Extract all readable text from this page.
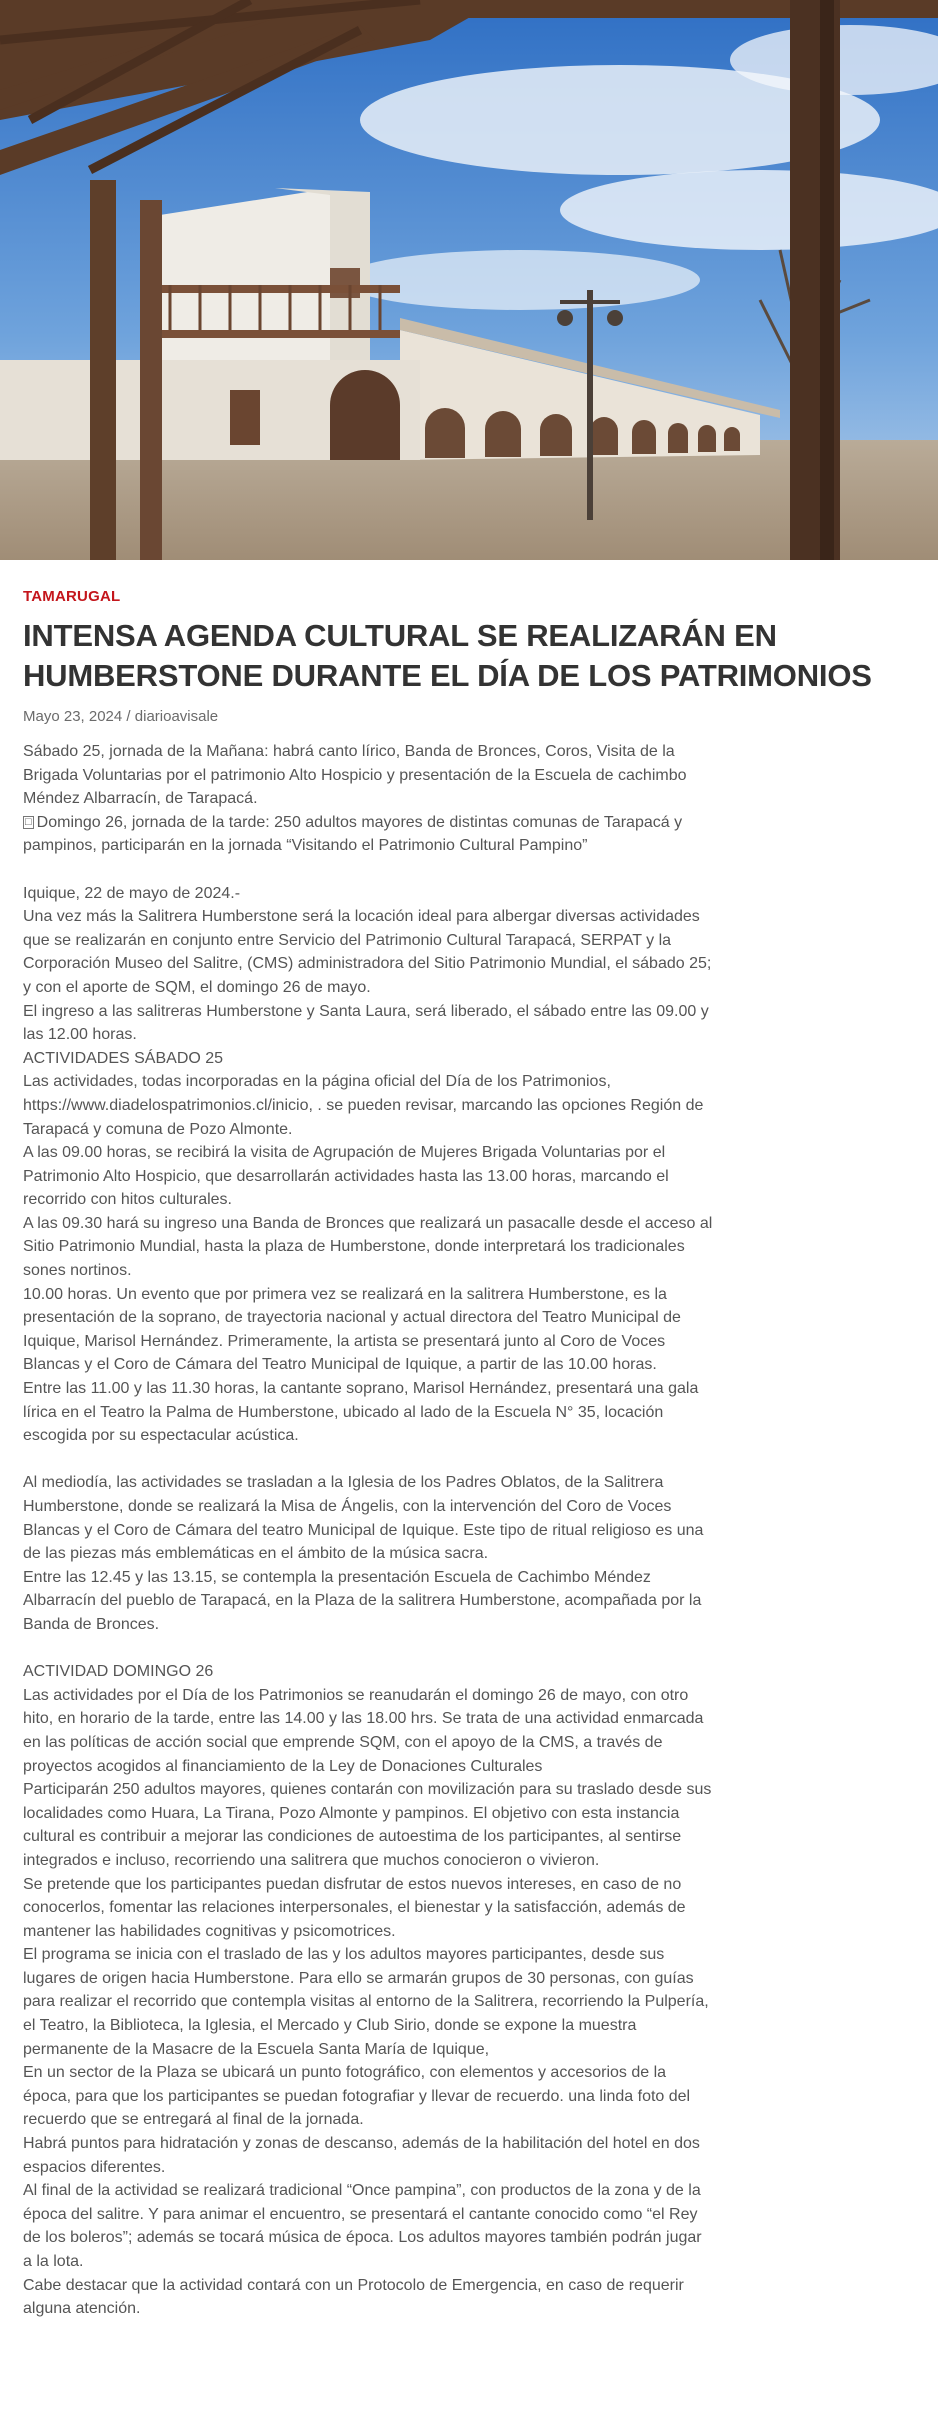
TAMARUGAL
INTENSA AGENDA CULTURAL SE REALIZARÁN EN HUMBERSTONE DURANTE EL DÍA DE LOS PATRIMONIOS
Mayo 23, 2024 / diarioavisale

Sábado 25, jornada de la Mañana: habrá canto lírico, Banda de Bronces, Coros, Visita de la Brigada Voluntarias por el patrimonio Alto Hospicio y presentación de la Escuela de cachimbo Méndez Albarracín, de Tarapacá.

□ Domingo 26, jornada de la tarde: 250 adultos mayores de distintas comunas de Tarapacá y pampinos, participarán en la jornada “Visitando el Patrimonio Cultural Pampino”

Iquique, 22 de mayo de 2024.-

Una vez más la Salitrera Humberstone será la locación ideal para albergar diversas actividades que se realizarán en conjunto entre Servicio del Patrimonio Cultural Tarapacá, SERPAT y la Corporación Museo del Salitre, (CMS) administradora del Sitio Patrimonio Mundial, el sábado 25; y con el aporte de SQM, el domingo 26 de mayo.

El ingreso a las salitreras Humberstone y Santa Laura, será liberado, el sábado entre las 09.00 y las 12.00 horas.

ACTIVIDADES SÁBADO 25

Las actividades, todas incorporadas en la página oficial del Día de los Patrimonios, https://www.diadelospatrimonios.cl/inicio, . se pueden revisar, marcando las opciones Región de Tarapacá y comuna de Pozo Almonte.

A las 09.00 horas, se recibirá la visita de Agrupación de Mujeres Brigada Voluntarias por el Patrimonio Alto Hospicio, que desarrollarán actividades hasta las 13.00 horas, marcando el recorrido con hitos culturales.

A las 09.30 hará su ingreso una Banda de Bronces que realizará un pasacalle desde el acceso al Sitio Patrimonio Mundial, hasta la plaza de Humberstone, donde interpretará los tradicionales sones nortinos.

10.00 horas. Un evento que por primera vez se realizará en la salitrera Humberstone, es la presentación de la soprano, de trayectoria nacional y actual directora del Teatro Municipal de Iquique, Marisol Hernández. Primeramente, la artista se presentará junto al Coro de Voces Blancas y el Coro de Cámara del Teatro Municipal de Iquique, a partir de las 10.00 horas.

Entre las 11.00 y las 11.30 horas, la cantante soprano, Marisol Hernández, presentará una gala lírica en el Teatro la Palma de Humberstone, ubicado al lado de la Escuela N° 35, locación escogida por su espectacular acústica.

Al mediodía, las actividades se trasladan a la Iglesia de los Padres Oblatos, de la Salitrera Humberstone, donde se realizará la Misa de Ángelis, con la intervención del Coro de Voces Blancas y el Coro de Cámara del teatro Municipal de Iquique. Este tipo de ritual religioso es una de las piezas más emblemáticas en el ámbito de la música sacra.

Entre las 12.45 y las 13.15, se contempla la presentación Escuela de Cachimbo Méndez Albarracín del pueblo de Tarapacá, en la Plaza de la salitrera Humberstone, acompañada por la Banda de Bronces.

ACTIVIDAD DOMINGO 26

Las actividades por el Día de los Patrimonios se reanudarán el domingo 26 de mayo, con otro hito, en horario de la tarde, entre las 14.00 y las 18.00 hrs. Se trata de una actividad enmarcada en las políticas de acción social que emprende SQM, con el apoyo de la CMS, a través de proyectos acogidos al financiamiento de la Ley de Donaciones Culturales

Participarán 250 adultos mayores, quienes contarán con movilización para su traslado desde sus localidades como Huara, La Tirana, Pozo Almonte y pampinos. El objetivo con esta instancia cultural es contribuir a mejorar las condiciones de autoestima de los participantes, al sentirse integrados e incluso, recorriendo una salitrera que muchos conocieron o vivieron.

Se pretende que los participantes puedan disfrutar de estos nuevos intereses, en caso de no conocerlos, fomentar las relaciones interpersonales, el bienestar y la satisfacción, además de mantener las habilidades cognitivas y psicomotrices.

El programa se inicia con el traslado de las y los adultos mayores participantes, desde sus lugares de origen hacia Humberstone. Para ello se armarán grupos de 30 personas, con guías para realizar el recorrido que contempla visitas al entorno de la Salitrera, recorriendo la Pulpería, el Teatro, la Biblioteca, la Iglesia, el Mercado y Club Sirio, donde se expone la muestra permanente de la Masacre de la Escuela Santa María de Iquique,

En un sector de la Plaza se ubicará un punto fotográfico, con elementos y accesorios de la época, para que los participantes se puedan fotografiar y llevar de recuerdo. una linda foto del recuerdo que se entregará al final de la jornada.

Habrá puntos para hidratación y zonas de descanso, además de la habilitación del hotel en dos espacios diferentes.

Al final de la actividad se realizará tradicional “Once pampina”, con productos de la zona y de la época del salitre. Y para animar el encuentro, se presentará el cantante conocido como “el Rey de los boleros”; además se tocará música de época. Los adultos mayores también podrán jugar a la lota.

Cabe destacar que la actividad contará con un Protocolo de Emergencia, en caso de requerir alguna atención.
